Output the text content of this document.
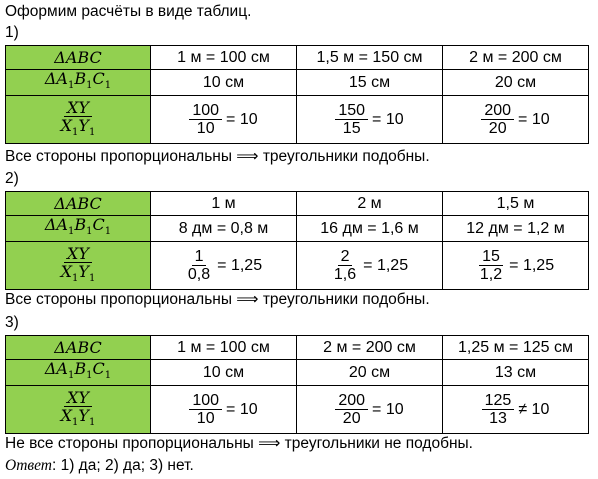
Оформим расчёты в виде таблиц.
1)
ΔABC	1 м = 100 см	1,5 м = 150 см	2 м = 200 см
$\Delta A_1B_1C_1$	10 см	15 см	20 см

$\frac{XY}{X_1Y_1}$	$\frac{100}{10} = 10$	$\frac{150}{15} = 10$	$\frac{200}{20} = 10$
Все стороны пропорциональны ⟹ треугольники подобны.
2)
ΔABC	1 м	2 м	1,5 м
$\Delta A_1B_1C_1$	8 дм = 0,8 м	16 дм = 1,6 м	12 дм = 1,2 м

$\frac{XY}{X_1Y_1}$	$\frac{1}{0,8} = 1,25$	$\frac{2}{1,6} = 1,25$	$\frac{15}{1,2} = 1,25$
Все стороны пропорциональны ⟹ треугольники подобны.
3)
ΔABC	1 м = 100 см	2 м = 200 см	1,25 м = 125 см
$\Delta A_1B_1C_1$	10 см	20 см	13 см

$\frac{XY}{X_1Y_1}$	$\frac{100}{10} = 10$	$\frac{200}{20} = 10$	$\frac{125}{13} \ne 10$
Не все стороны пропорциональны ⟹ треугольники не подобны.
Ответ: 1) да; 2) да; 3) нет.
